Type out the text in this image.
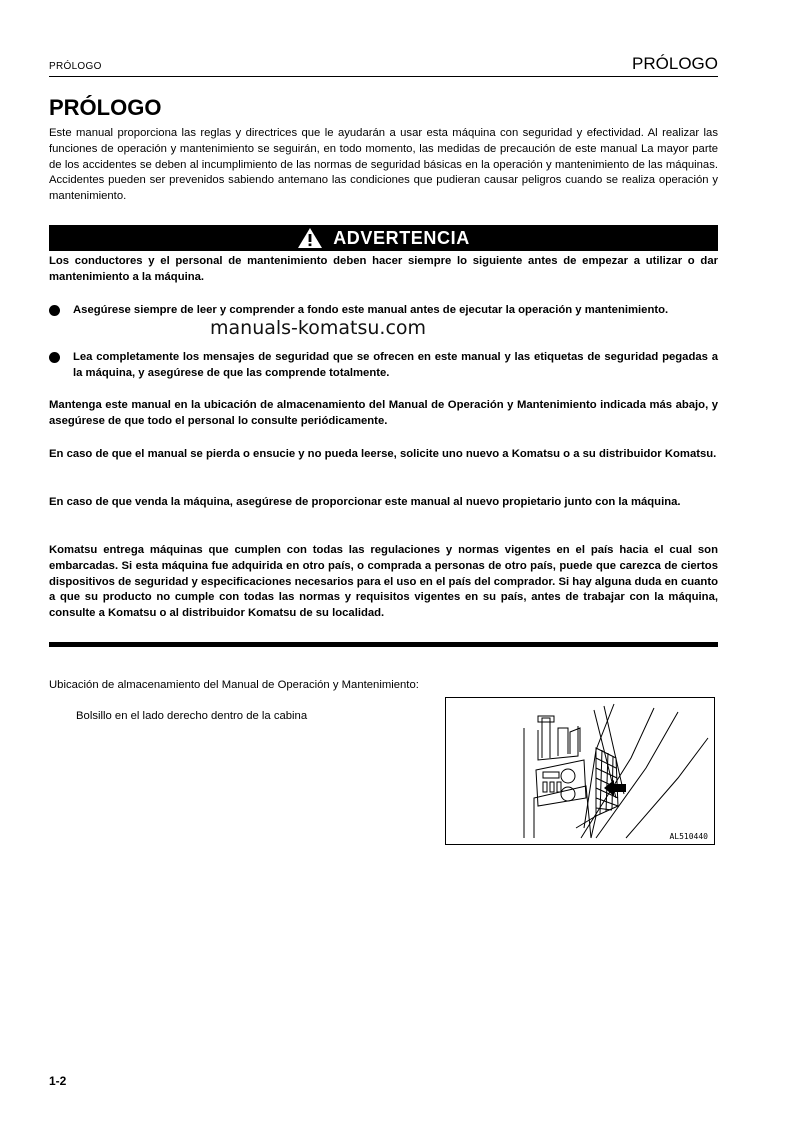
PRÓLOGO	PRÓLOGO
PRÓLOGO

Este manual proporciona las reglas y directrices que le ayudarán a usar esta máquina con seguridad y efectividad. Al realizar las funciones de operación y mantenimiento se seguirán, en todo momento, las medidas de precaución de este manual La mayor parte de los accidentes se deben al incumplimiento de las normas de seguridad básicas en la operación y mantenimiento de las máquinas. Accidentes pueden ser prevenidos sabiendo antemano las condiciones que pudieran causar peligros cuando se realiza operación y mantenimiento.

ADVERTENCIA

Los conductores y el personal de mantenimiento deben hacer siempre lo siguiente antes de empezar a utilizar o dar mantenimiento a la máquina.

Asegúrese siempre de leer y comprender a fondo este manual antes de ejecutar la operación y mantenimiento.
manuals-komatsu.com
Lea completamente los mensajes de seguridad que se ofrecen en este manual y las etiquetas de seguridad pegadas a la máquina, y asegúrese de que las comprende totalmente.

Mantenga este manual en la ubicación de almacenamiento del Manual de Operación y Mantenimiento indicada más abajo, y asegúrese de que todo el personal lo consulte periódicamente.

En caso de que el manual se pierda o ensucie y no pueda leerse, solicite uno nuevo a Komatsu o a su distribuidor Komatsu.

En caso de que venda la máquina, asegúrese de proporcionar este manual al nuevo propietario junto con la máquina.

Komatsu entrega máquinas que cumplen con todas las regulaciones y normas vigentes en el país hacia el cual son embarcadas. Si esta máquina fue adquirida en otro país, o comprada a personas de otro país, puede que carezca de ciertos dispositivos de seguridad y especificaciones necesarios para el uso en el país del comprador. Si hay alguna duda en cuanto a que su producto no cumple con todas las normas y requisitos vigentes en su país, antes de trabajar con la máquina, consulte a Komatsu o al distribuidor Komatsu de su localidad.

Ubicación de almacenamiento del Manual de Operación y Mantenimiento:
Bolsillo en el lado derecho dentro de la cabina
AL510440
1-2
